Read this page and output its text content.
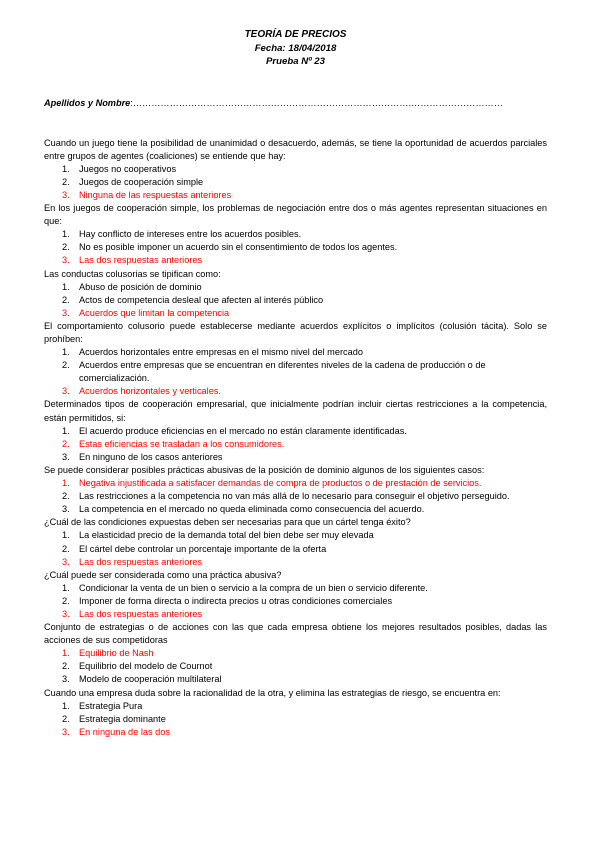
TEORÍA DE PRECIOS
Fecha: 18/04/2018
Prueba Nº 23
Apellidos y Nombre:……………………………………………………………………………….…………………………
Cuando un juego tiene la posibilidad de unanimidad o desacuerdo, además, se tiene la oportunidad de acuerdos parciales entre grupos de agentes (coaliciones) se entiende que hay:
1. Juegos no cooperativos
2. Juegos de cooperación simple
3. Ninguna de las respuestas anteriores
En los juegos de cooperación simple, los problemas de negociación entre dos o más agentes representan situaciones en que:
1. Hay conflicto de intereses entre los acuerdos posibles.
2. No es posible imponer un acuerdo sin el consentimiento de todos los agentes.
3. Las dos respuestas anteriores
Las conductas colusorias se tipifican como:
1. Abuso de posición de dominio
2. Actos de competencia desleal que afecten al interés público
3. Acuerdos que limitan la competencia
El comportamiento colusorio puede establecerse mediante acuerdos explícitos o implícitos (colusión tácita). Solo se prohíben:
1. Acuerdos horizontales entre empresas en el mismo nivel del mercado
2. Acuerdos entre empresas que se encuentran en diferentes niveles de la cadena de producción o de comercialización.
3. Acuerdos horizontales y verticales.
Determinados tipos de cooperación empresarial, que inicialmente podrían incluir ciertas restricciones a la competencia, están permitidos, si:
1. El acuerdo produce eficiencias en el mercado no están claramente identificadas.
2. Estas eficiencias se trasladan a los consumidores.
3. En ninguno de los casos anteriores
Se puede considerar posibles prácticas abusivas de la posición de dominio algunos de los siguientes casos:
1. Negativa injustificada a satisfacer demandas de compra de productos o de prestación de servicios.
2. Las restricciones a la competencia no van más allá de lo necesario para conseguir el objetivo perseguido.
3. La competencia en el mercado no queda eliminada como consecuencia del acuerdo.
¿Cuál de las condiciones expuestas deben ser necesarias para que un cártel tenga éxito?
1. La elasticidad precio de la demanda total del bien debe ser muy elevada
2. El cártel debe controlar un porcentaje importante de la oferta
3. Las dos respuestas anteriores
¿Cuál puede ser considerada como una práctica abusiva?
1. Condicionar la venta de un bien o servicio a la compra de un bien o servicio diferente.
2. Imponer de forma directa o indirecta precios u otras condiciones comerciales
3. Las dos respuestas anteriores
Conjunto de estrategias o de acciones con las que cada empresa obtiene los mejores resultados posibles, dadas las acciones de sus competidoras
1. Equilibrio de Nash
2. Equilibrio del modelo de Cournot
3. Modelo de cooperación multilateral
Cuando una empresa duda sobre la racionalidad de la otra, y elimina las estrategias de riesgo, se encuentra en:
1. Estrategia Pura
2. Estrategia dominante
3. En ninguna de las dos
